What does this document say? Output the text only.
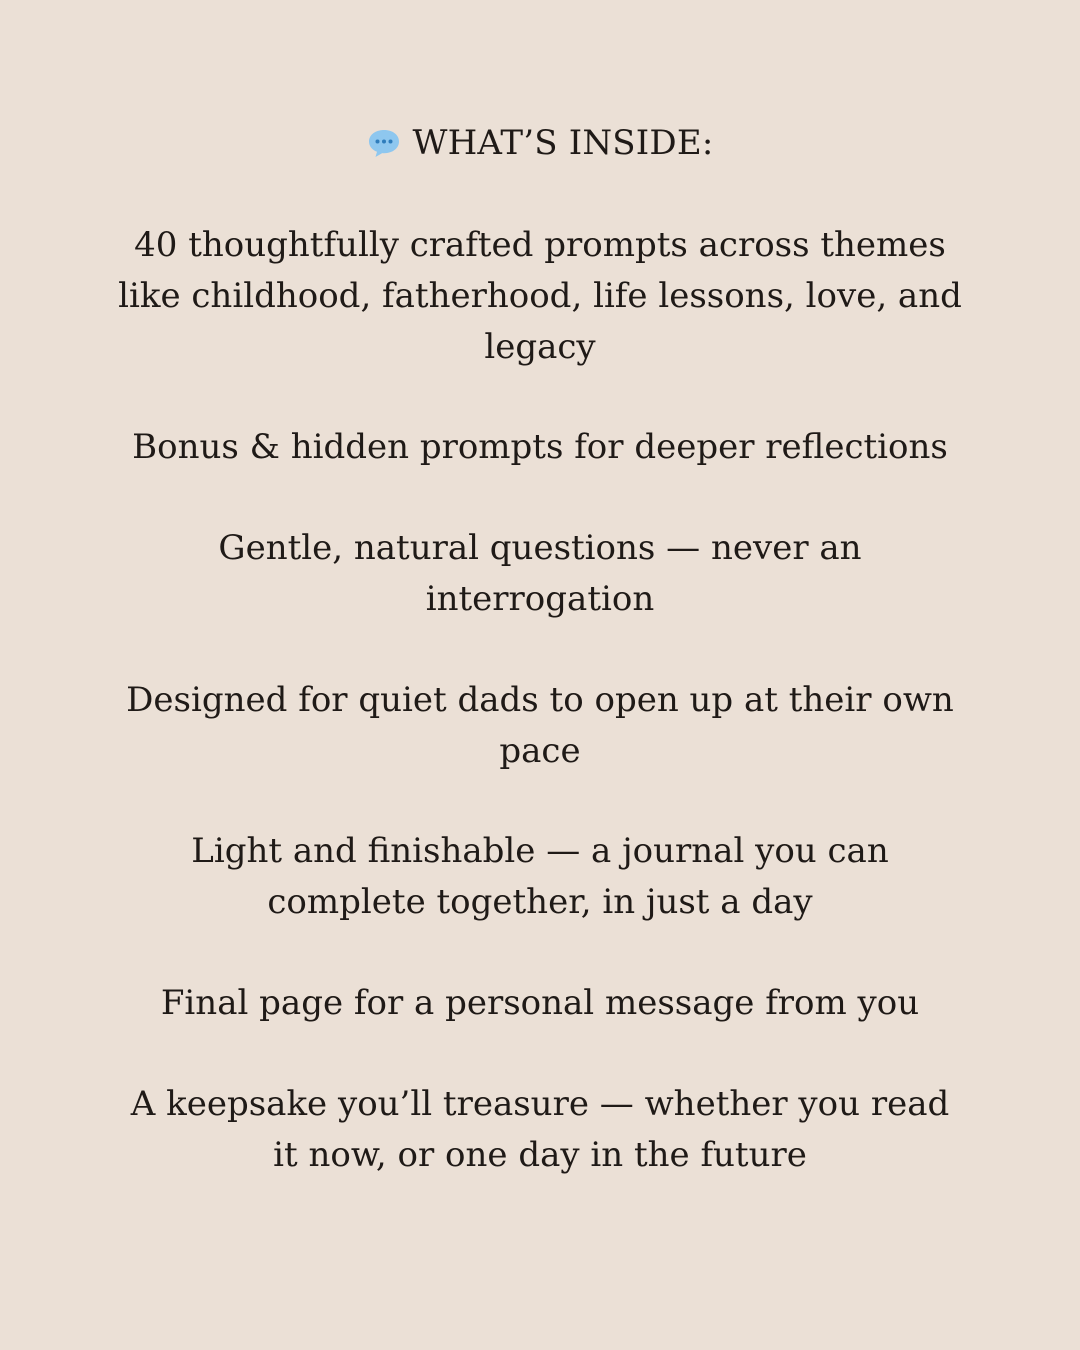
WHAT’S INSIDE:

40 thoughtfully crafted prompts across themes like childhood, fatherhood, life lessons, love, and legacy

Bonus & hidden prompts for deeper reflections

Gentle, natural questions — never an interrogation

Designed for quiet dads to open up at their own pace

Light and finishable — a journal you can complete together, in just a day

Final page for a personal message from you

A keepsake you’ll treasure — whether you read it now, or one day in the future
